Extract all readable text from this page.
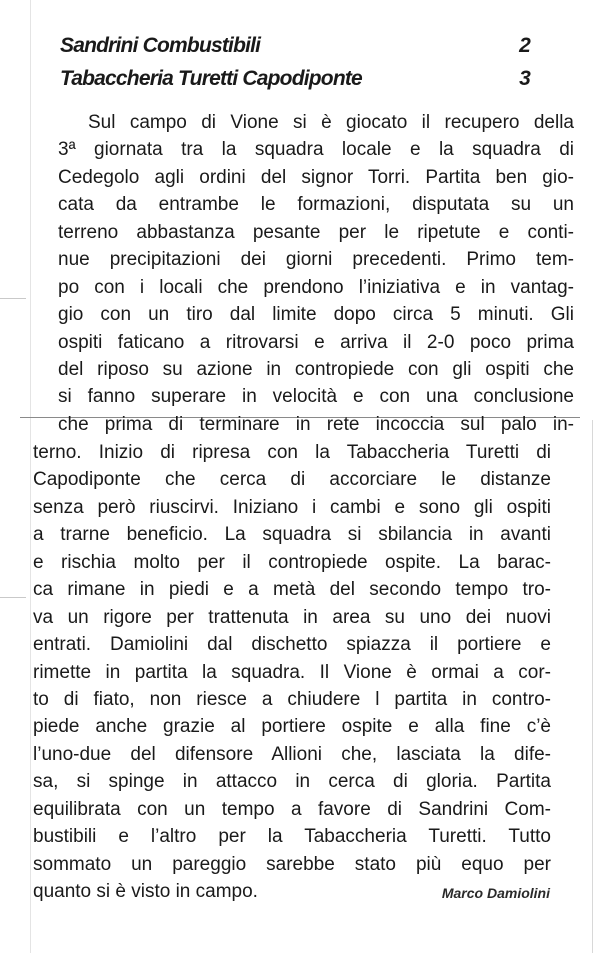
Sandrini Combustibili	2
Tabaccheria Turetti Capodiponte	3
Sul campo di Vione si è giocato il recupero della
3ª giornata tra la squadra locale e la squadra di
Cedegolo agli ordini del signor Torri. Partita ben gio-
cata da entrambe le formazioni, disputata su un
terreno abbastanza pesante per le ripetute e conti-
nue precipitazioni dei giorni precedenti. Primo tem-
po con i locali che prendono l’iniziativa e in vantag-
gio con un tiro dal limite dopo circa 5 minuti. Gli
ospiti faticano a ritrovarsi e arriva il 2-0 poco prima
del riposo su azione in contropiede con gli ospiti che
si fanno superare in velocità e con una conclusione
che prima di terminare in rete incoccia sul palo in-
terno. Inizio di ripresa con la Tabaccheria Turetti di
Capodiponte che cerca di accorciare le distanze
senza però riuscirvi. Iniziano i cambi e sono gli ospiti
a trarne beneficio. La squadra si sbilancia in avanti
e rischia molto per il contropiede ospite. La barac-
ca rimane in piedi e a metà del secondo tempo tro-
va un rigore per trattenuta in area su uno dei nuovi
entrati. Damiolini dal dischetto spiazza il portiere e
rimette in partita la squadra. Il Vione è ormai a cor-
to di fiato, non riesce a chiudere l partita in contro-
piede anche grazie al portiere ospite e alla fine c’è
l’uno-due del difensore Allioni che, lasciata la dife-
sa, si spinge in attacco in cerca di gloria. Partita
equilibrata con un tempo a favore di Sandrini Com-
bustibili e l’altro per la Tabaccheria Turetti. Tutto
sommato un pareggio sarebbe stato più equo per
quanto si è visto in campo.	Marco Damiolini
